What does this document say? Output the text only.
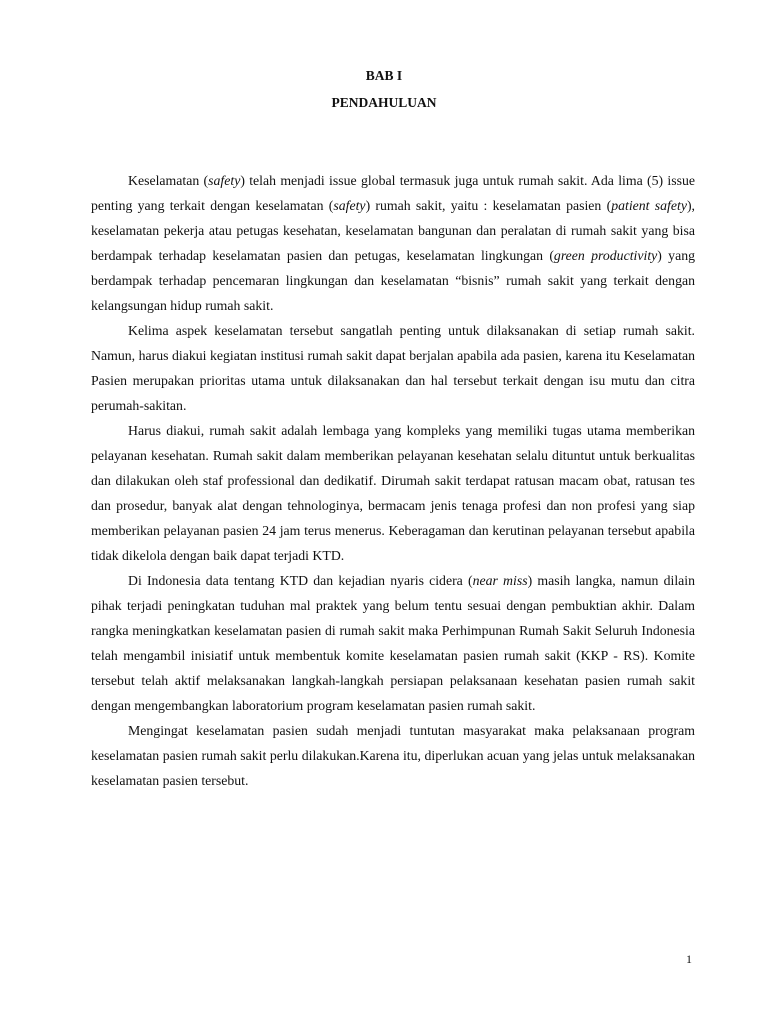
BAB I
PENDAHULUAN

Keselamatan (safety) telah menjadi issue global termasuk juga untuk rumah sakit. Ada lima (5) issue penting yang terkait dengan keselamatan (safety) rumah sakit, yaitu : keselamatan pasien (patient safety), keselamatan pekerja atau petugas kesehatan, keselamatan bangunan dan peralatan di rumah sakit yang bisa berdampak terhadap keselamatan pasien dan petugas, keselamatan lingkungan (green productivity) yang berdampak terhadap pencemaran lingkungan dan keselamatan “bisnis” rumah sakit yang terkait dengan kelangsungan hidup rumah sakit.

Kelima aspek keselamatan tersebut sangatlah penting untuk dilaksanakan di setiap rumah sakit. Namun, harus diakui kegiatan institusi rumah sakit dapat berjalan apabila ada pasien, karena itu Keselamatan Pasien merupakan prioritas utama untuk dilaksanakan dan hal tersebut terkait dengan isu mutu dan citra perumah-sakitan.

Harus diakui, rumah sakit adalah lembaga yang kompleks yang memiliki tugas utama memberikan pelayanan kesehatan. Rumah sakit dalam memberikan pelayanan kesehatan selalu dituntut untuk berkualitas dan dilakukan oleh staf professional dan dedikatif. Dirumah sakit terdapat ratusan macam obat, ratusan tes dan prosedur, banyak alat dengan tehnologinya, bermacam jenis tenaga profesi dan non profesi yang siap memberikan pelayanan pasien 24 jam terus menerus. Keberagaman dan kerutinan pelayanan tersebut apabila tidak dikelola dengan baik dapat terjadi KTD.

Di Indonesia data tentang KTD dan kejadian nyaris cidera (near miss) masih langka, namun dilain pihak terjadi peningkatan tuduhan mal praktek yang belum tentu sesuai dengan pembuktian akhir. Dalam rangka meningkatkan keselamatan pasien di rumah sakit maka Perhimpunan Rumah Sakit Seluruh Indonesia telah mengambil inisiatif untuk membentuk komite keselamatan pasien rumah sakit (KKP - RS). Komite tersebut telah aktif melaksanakan langkah-langkah persiapan pelaksanaan kesehatan pasien rumah sakit dengan mengembangkan laboratorium program keselamatan pasien rumah sakit.

Mengingat keselamatan pasien sudah menjadi tuntutan masyarakat maka pelaksanaan program keselamatan pasien rumah sakit perlu dilakukan.Karena itu, diperlukan acuan yang jelas untuk melaksanakan keselamatan pasien tersebut.

1
